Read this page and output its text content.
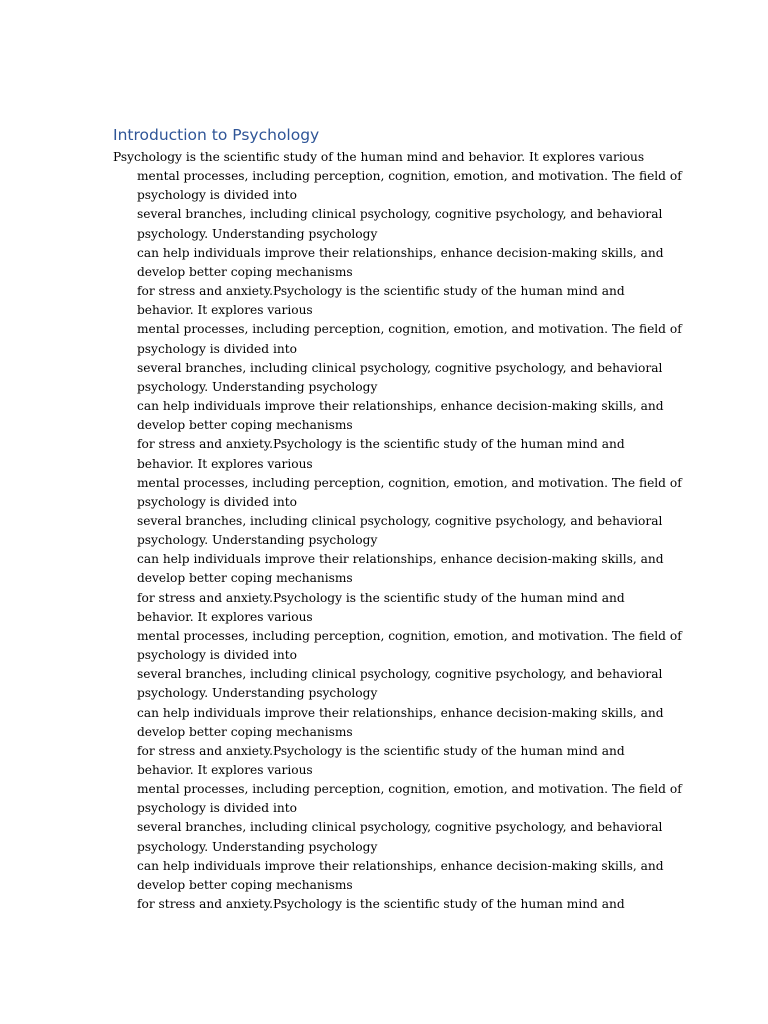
Introduction to Psychology

Psychology is the scientific study of the human mind and behavior. It explores various

mental processes, including perception, cognition, emotion, and motivation. The field of
psychology is divided into

several branches, including clinical psychology, cognitive psychology, and behavioral
psychology. Understanding psychology

can help individuals improve their relationships, enhance decision-making skills, and
develop better coping mechanisms

for stress and anxiety.Psychology is the scientific study of the human mind and
behavior. It explores various

mental processes, including perception, cognition, emotion, and motivation. The field of
psychology is divided into

several branches, including clinical psychology, cognitive psychology, and behavioral
psychology. Understanding psychology

can help individuals improve their relationships, enhance decision-making skills, and
develop better coping mechanisms

for stress and anxiety.Psychology is the scientific study of the human mind and
behavior. It explores various

mental processes, including perception, cognition, emotion, and motivation. The field of
psychology is divided into

several branches, including clinical psychology, cognitive psychology, and behavioral
psychology. Understanding psychology

can help individuals improve their relationships, enhance decision-making skills, and
develop better coping mechanisms

for stress and anxiety.Psychology is the scientific study of the human mind and
behavior. It explores various

mental processes, including perception, cognition, emotion, and motivation. The field of
psychology is divided into

several branches, including clinical psychology, cognitive psychology, and behavioral
psychology. Understanding psychology

can help individuals improve their relationships, enhance decision-making skills, and
develop better coping mechanisms

for stress and anxiety.Psychology is the scientific study of the human mind and
behavior. It explores various

mental processes, including perception, cognition, emotion, and motivation. The field of
psychology is divided into

several branches, including clinical psychology, cognitive psychology, and behavioral
psychology. Understanding psychology

can help individuals improve their relationships, enhance decision-making skills, and
develop better coping mechanisms

for stress and anxiety.Psychology is the scientific study of the human mind and
